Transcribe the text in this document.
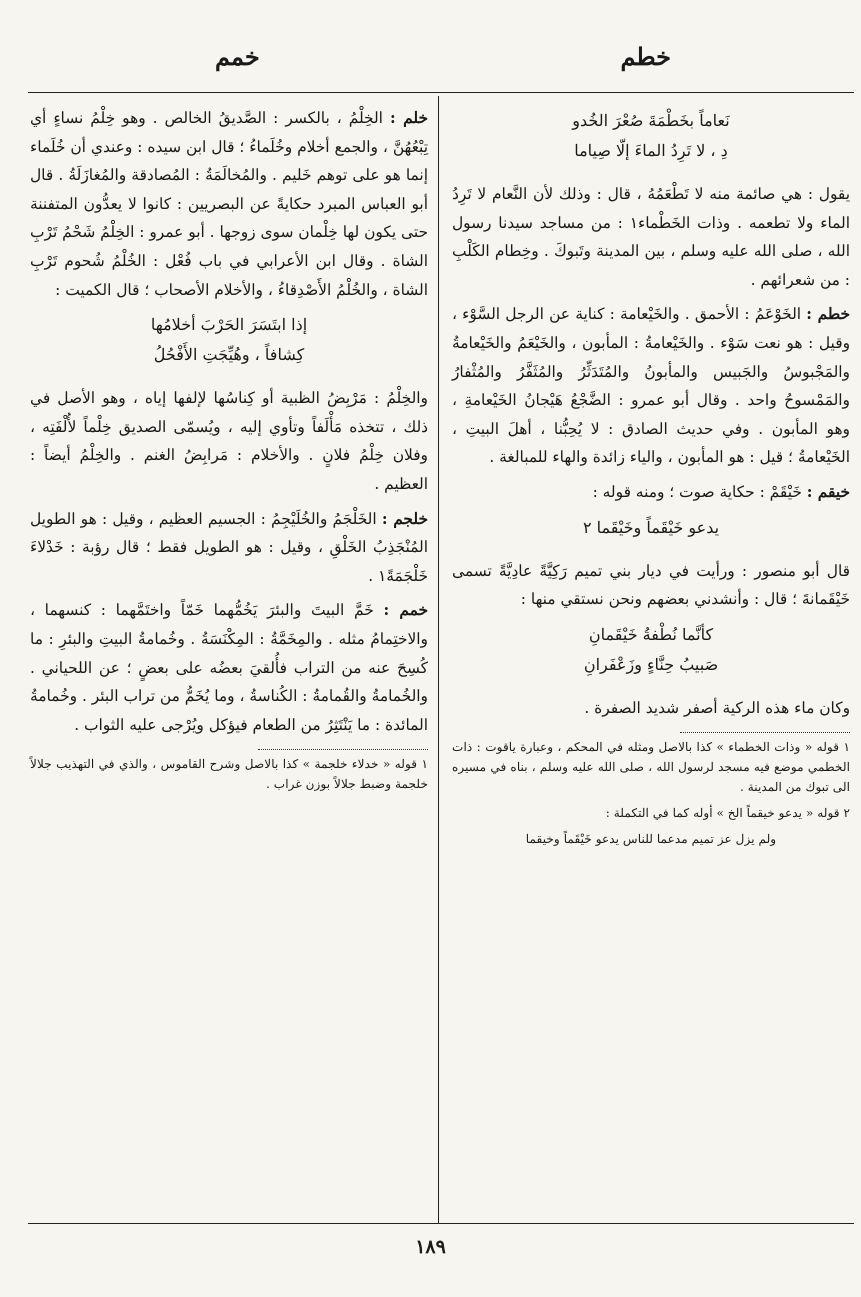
خطم
خمم
نَعاماً بخَطْمَةَ صُعْرَ الخُدو
دِ ، لا تَرِدُ الماءَ إلّا صِياما

يقول : هي صائمة منه لا تَطْعَمُهُ ، قال : وذلك لأن النَّعام لا تَرِدُ الماء ولا تطعمه . وذات الخَطْماء١ : من مساجد سيدنا رسول الله ، صلى الله عليه وسلم ، بين المدينة وتَبوكَ . وخِطام الكَلْبِ : من شعرائهم .

خطم : الخَوْعَمُ : الأحمق . والخَيْعامة : كناية عن الرجل السَّوْء ، وقيل : هو نعت سَوْء . والخَيْعامةُ : المأبون ، والخَيْعَمُ والخَيْعامةُ والمَجْبوسُ والجَبيس والمأبونُ والمُتَدَثِّرُ والمُثَفَّرُ والمُثْفارُ والمَمْسوحُ واحد . وقال أبو عمرو : الضَّجْعُ هَيْجانُ الخَيْعامةِ ، وهو المأبون . وفي حديث الصادق : لا يُحِبُّنا ، أهلَ البيتِ ، الخَيْعامةُ ؛ قيل : هو المأبون ، والياء زائدة والهاء للمبالغة .

خيقم : خَيْقَمْ : حكاية صوت ؛ ومنه قوله :

يدعو خَيْقَماً وخَيْقَما ٢

قال أبو منصور : ورأيت في ديار بني تميم رَكِيَّةً عادِيَّةً تسمى خَيْقَمانةَ ؛ قال : وأنشدني بعضهم ونحن نستقي منها :

كأنَّما نُطْفةُ خَيْقَمانِ
صَبيبُ حِنَّاءٍ وزَعْفَرانِ

وكان ماء هذه الركية أصفر شديد الصفرة .

١ قوله « وذات الخطماء » كذا بالاصل ومثله في المحكم ، وعبارة ياقوت : ذات الخطمي موضع فيه مسجد لرسول الله ، صلى الله عليه وسلم ، بناه في مسيره الى تبوك من المدينة .

٢ قوله « يدعو خيقماً الخ » أوله كما في التكملة :

ولم يزل عز تميم مدعما للناس يدعو خَيْقَماً وخيقما

خلم : الخِلْمُ ، بالكسر : الصَّديقُ الخالص . وهو خِلْمُ نساءٍ أي تِبْعُهُنَّ ، والجمع أخلام وخُلَماءُ ؛ قال ابن سيده : وعندي أن خُلَماء إنما هو على توهم خَليم . والمُخالَمَةُ : المُصادقة والمُغازَلَةُ . قال أبو العباس المبرد حكايةً عن البصريين : كانوا لا يعدُّون المتفننة حتى يكون لها خِلْمان سوى زوجها . أبو عمرو : الخِلْمُ شَحْمُ تَرْبِ الشاة . وقال ابن الأعرابي في باب فُعْل : الخُلْمُ شُحوم تَرْبِ الشاة ، والخُلْمُ الأَصْدِقاءُ ، والأخلام الأصحاب ؛ قال الكميت :

إذا ابتَسَرَ الحَرْبَ أخلامُها
كِشافاً ، وهُيِّجَتِ الأَفْحُلُ

والخِلْمُ : مَرْبِضُ الظبية أو كِناسُها لإلفها إياه ، وهو الأصل في ذلك ، تتخذه مَأْلَفاً وتأوي إليه ، ويُسمّى الصديق خِلْماً لأُلْفَتِه ، وفلان خِلْمُ فلانٍ . والأخلام : مَرابِضُ الغنم . والخِلْمُ أيضاً : العظيم .

خلجم : الخَلْجَمُ والخُلَيْجِمُ : الجسيم العظيم ، وقيل : هو الطويل المُنْجَذِبُ الخَلْقِ ، وقيل : هو الطويل فقط ؛ قال رؤبة : خَدْلاءَ خَلْجَمَةً١ .

خمم : خَمَّ البيتَ والبئرَ يَخُمُّهما خَمّاً واختَمَّهما : كنسهما ، والاختِمامُ مثله . والمِخَمَّةُ : المِكْنَسَةُ . وخُمامةُ البيتِ والبئرِ : ما كُسِحَ عنه من التراب فأُلقيَ بعضُه على بعضٍ ؛ عن اللحياني . والخُمامةُ والقُمامةُ : الكُناسةُ ، وما يُخَمُّ من تراب البئر . وخُمامةُ المائدة : ما يَنْتَثِرُ من الطعام فيؤكل ويُرْجى عليه الثواب .

١ قوله « خدلاء خلجمة » كذا بالاصل وشرح القاموس ، والذي في التهذيب جلالاً خلجمة وضبط جلالاً بوزن غراب .

١٨٩
